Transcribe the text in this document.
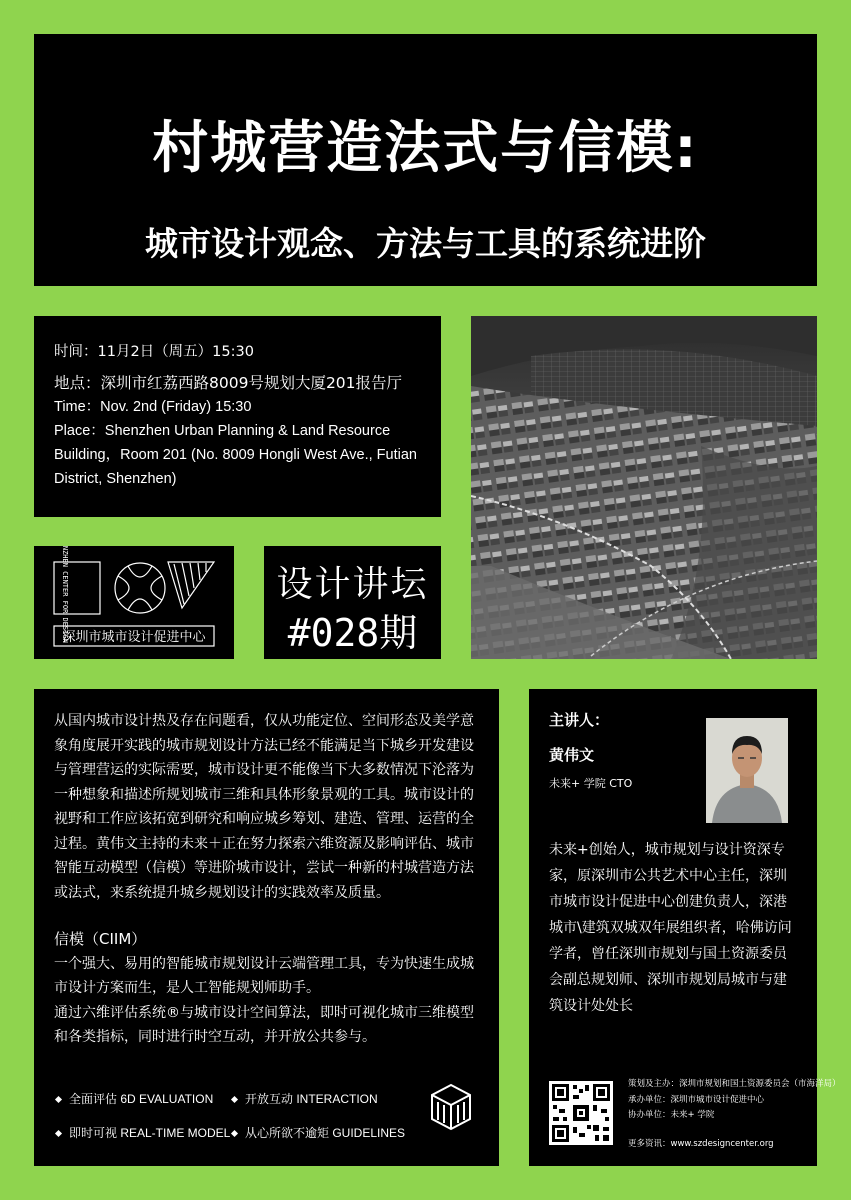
村城营造法式与信模:
城市设计观念、方法与工具的系统进阶

时间：11月2日（周五）15:30

地点：深圳市红荔西路8009号规划大厦201报告厅

Time：Nov. 2nd (Friday) 15:30

Place：Shenzhen Urban Planning & Land Resource Building，Room 201 (No. 8009 Hongli West Ave., Futian District, Shenzhen)

SHENZHEN CENTER FOR DESIGN
深圳市城市设计促进中心
设计讲坛
#028期

从国内城市设计热及存在问题看，仅从功能定位、空间形态及美学意象角度展开实践的城市规划设计方法已经不能满足当下城乡开发建设与管理营运的实际需要，城市设计更不能像当下大多数情况下沦落为一种想象和描述所规划城市三维和具体形象景观的工具。城市设计的视野和工作应该拓宽到研究和响应城乡筹划、建造、管理、运营的全过程。黄伟文主持的未来＋正在努力探索六维资源及影响评估、城市智能互动模型（信模）等进阶城市设计，尝试一种新的村城营造方法或法式，来系统提升城乡规划设计的实践效率及质量。

信模（CIIM）

一个强大、易用的智能城市规划设计云端管理工具，专为快速生成城市设计方案而生，是人工智能规划师助手。

通过六维评估系统®与城市设计空间算法，即时可视化城市三维模型和各类指标，同时进行时空互动，并开放公共参与。

全面评估 6D EVALUATION	开放互动 INTERACTION
即时可视 REAL-TIME MODEL	从心所欲不逾矩 GUIDELINES

主讲人：

黄伟文

未来+ 学院 CTO

未来+创始人，城市规划与设计资深专家，原深圳市公共艺术中心主任，深圳市城市设计促进中心创建负责人，深港城市\建筑双城双年展组织者，哈佛访问学者，曾任深圳市规划与国土资源委员会副总规划师、深圳市规划局城市与建筑设计处处长

策划及主办：深圳市规划和国土资源委员会（市海洋局）
承办单位：深圳市城市设计促进中心
协办单位：未来+ 学院
更多资讯：www.szdesigncenter.org
